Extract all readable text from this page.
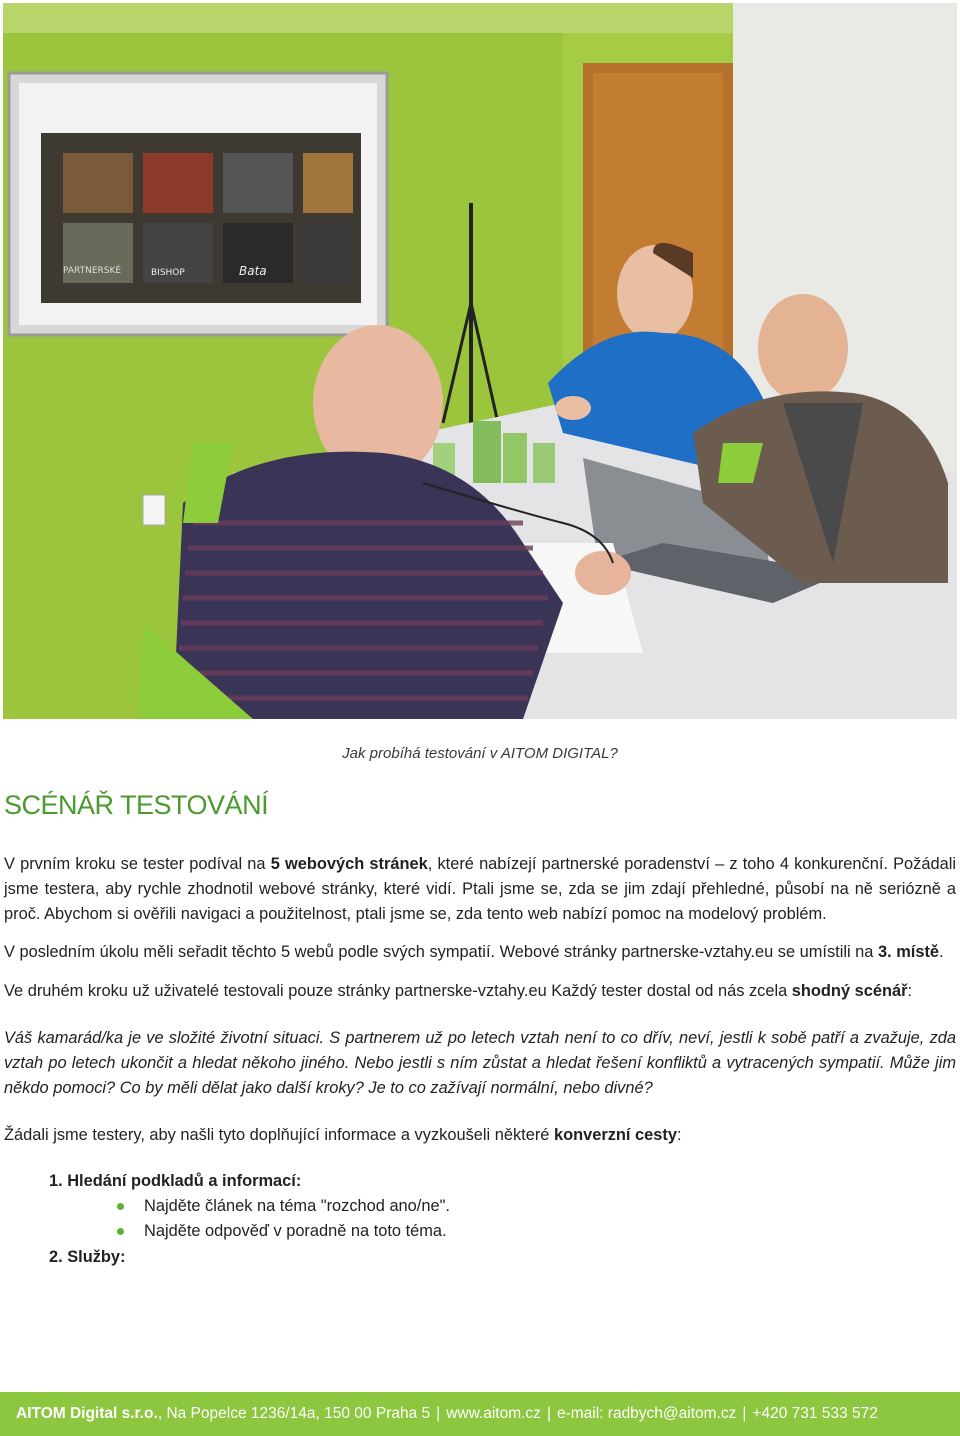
PARTNERSKÉ	BISHOP	Bata
Jak probíhá testování v AITOM DIGITAL?
SCÉNÁŘ TESTOVÁNÍ

V prvním kroku se tester podíval na 5 webových stránek, které nabízejí partnerské poradenství – z toho 4 konkurenční. Požádali jsme testera, aby rychle zhodnotil webové stránky, které vidí. Ptali jsme se, zda se jim zdají přehledné, působí na ně seriózně a proč. Abychom si ověřili navigaci a použitelnost, ptali jsme se, zda tento web nabízí pomoc na modelový problém.

V posledním úkolu měli seřadit těchto 5 webů podle svých sympatií. Webové stránky partnerske-vztahy.eu se umístili na 3. místě.

Ve druhém kroku už uživatelé testovali pouze stránky partnerske-vztahy.eu Každý tester dostal od nás zcela shodný scénář:

Váš kamarád/ka je ve složité životní situaci. S partnerem už po letech vztah není to co dřív, neví, jestli k sobě patří a zvažuje, zda vztah po letech ukončit a hledat někoho jiného. Nebo jestli s ním zůstat a hledat řešení konfliktů a vytracených sympatií. Může jim někdo pomoci? Co by měli dělat jako další kroky? Je to co zažívají normální, nebo divné?

Žádali jsme testery, aby našli tyto doplňující informace a vyzkoušeli některé konverzní cesty:

1. Hledání podkladů a informací:
Najděte článek na téma "rozchod ano/ne".
Najděte odpověď v poradně na toto téma.
2. Služby:
AITOM Digital s.r.o. , Na Popelce 1236/14a, 150 00 Praha 5 | www.aitom.cz | e-mail: radbych@aitom.cz | +420 731 533 572
